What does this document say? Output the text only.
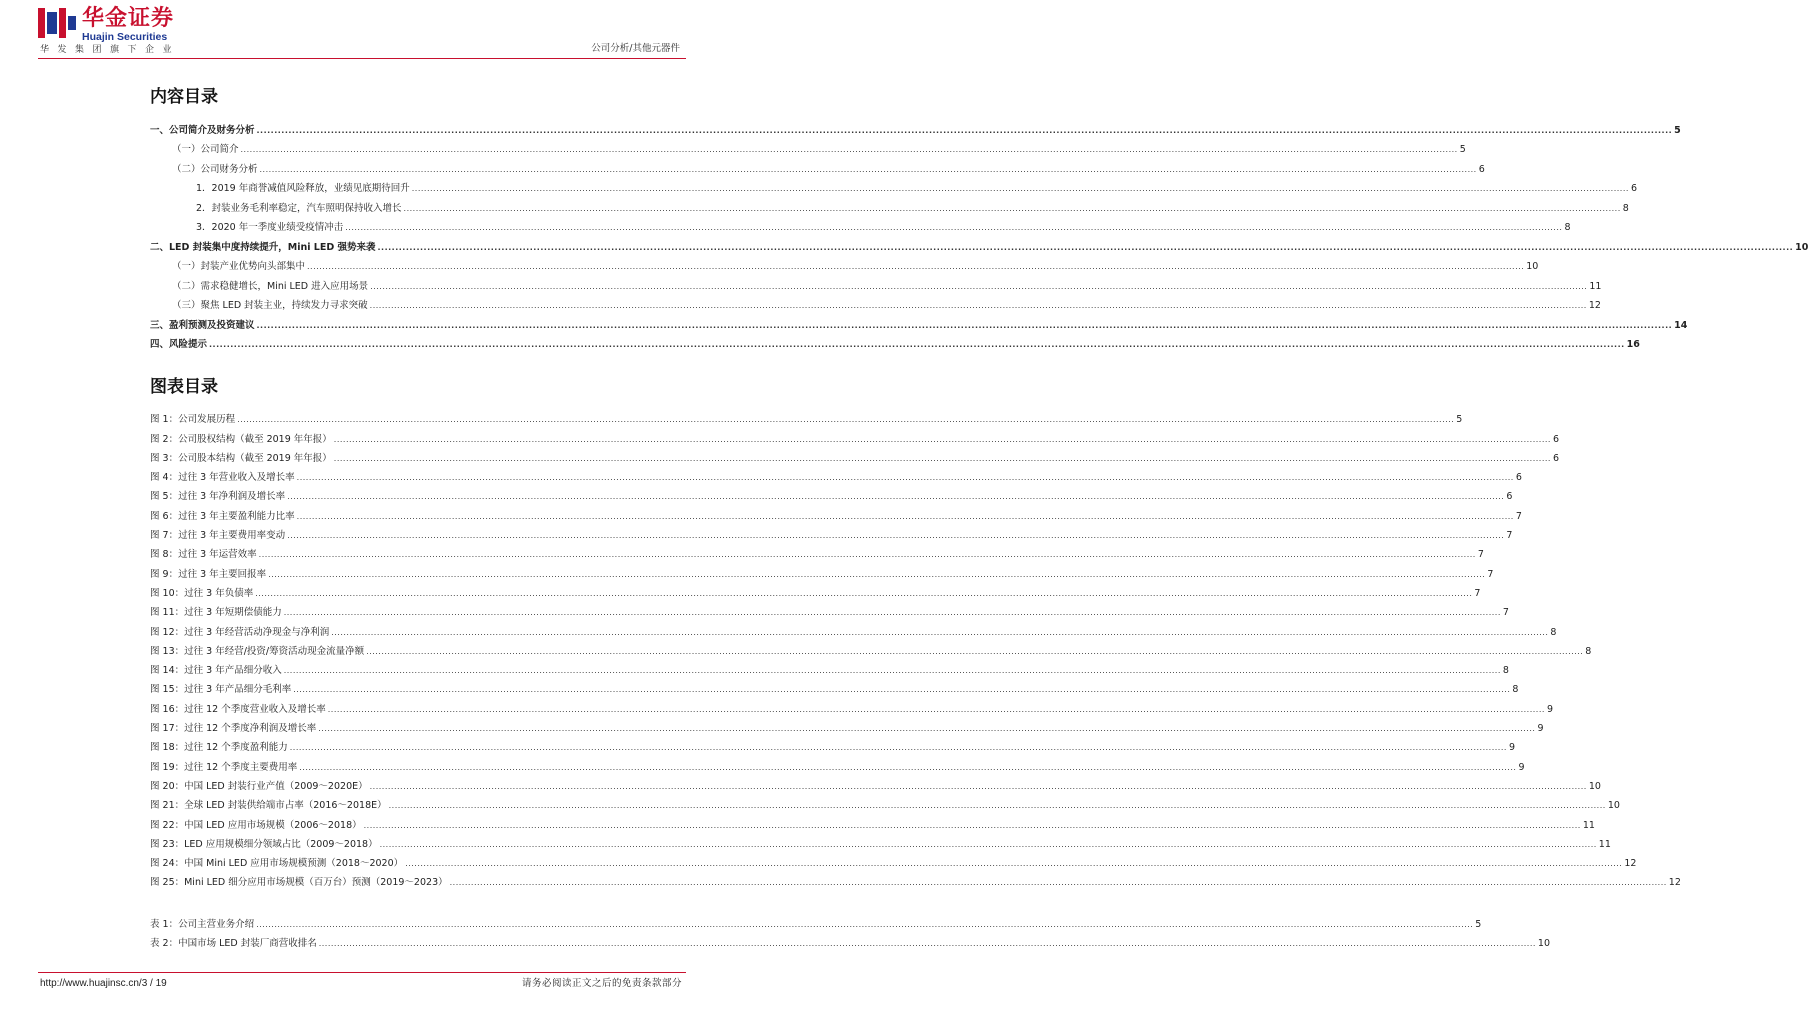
华金证券
Huajin Securities
华发集团旗下企业	公司分析/其他元器件
内容目录
一、公司简介及财务分析 ................................................................................................................................................................................................................................................................................................................................................................................................................ 5
（一）公司简介 ................................................................................................................................................................................................................................................................................................................................................................................................................ 5
（二）公司财务分析 ................................................................................................................................................................................................................................................................................................................................................................................................................ 6
1．2019 年商誉减值风险释放，业绩见底期待回升 ................................................................................................................................................................................................................................................................................................................................................................................................................ 6
2．封装业务毛利率稳定，汽车照明保持收入增长 ................................................................................................................................................................................................................................................................................................................................................................................................................ 8
3．2020 年一季度业绩受疫情冲击 ................................................................................................................................................................................................................................................................................................................................................................................................................ 8
二、LED 封装集中度持续提升，Mini LED 强势来袭 ................................................................................................................................................................................................................................................................................................................................................................................................................ 10
（一）封装产业优势向头部集中 ................................................................................................................................................................................................................................................................................................................................................................................................................ 10
（二）需求稳健增长，Mini LED 进入应用场景 ................................................................................................................................................................................................................................................................................................................................................................................................................ 11
（三）聚焦 LED 封装主业，持续发力寻求突破 ................................................................................................................................................................................................................................................................................................................................................................................................................ 12
三、盈利预测及投资建议 ................................................................................................................................................................................................................................................................................................................................................................................................................ 14
四、风险提示 ................................................................................................................................................................................................................................................................................................................................................................................................................ 16
图表目录
图 1：公司发展历程 ................................................................................................................................................................................................................................................................................................................................................................................................................ 5
图 2：公司股权结构（截至 2019 年年报） ................................................................................................................................................................................................................................................................................................................................................................................................................ 6
图 3：公司股本结构（截至 2019 年年报） ................................................................................................................................................................................................................................................................................................................................................................................................................ 6
图 4：过往 3 年营业收入及增长率 ................................................................................................................................................................................................................................................................................................................................................................................................................ 6
图 5：过往 3 年净利润及增长率 ................................................................................................................................................................................................................................................................................................................................................................................................................ 6
图 6：过往 3 年主要盈利能力比率 ................................................................................................................................................................................................................................................................................................................................................................................................................ 7
图 7：过往 3 年主要费用率变动 ................................................................................................................................................................................................................................................................................................................................................................................................................ 7
图 8：过往 3 年运营效率 ................................................................................................................................................................................................................................................................................................................................................................................................................ 7
图 9：过往 3 年主要回报率 ................................................................................................................................................................................................................................................................................................................................................................................................................ 7
图 10：过往 3 年负债率 ................................................................................................................................................................................................................................................................................................................................................................................................................ 7
图 11：过往 3 年短期偿债能力 ................................................................................................................................................................................................................................................................................................................................................................................................................ 7
图 12：过往 3 年经营活动净现金与净利润 ................................................................................................................................................................................................................................................................................................................................................................................................................ 8
图 13：过往 3 年经营/投资/筹资活动现金流量净额 ................................................................................................................................................................................................................................................................................................................................................................................................................ 8
图 14：过往 3 年产品细分收入 ................................................................................................................................................................................................................................................................................................................................................................................................................ 8
图 15：过往 3 年产品细分毛利率 ................................................................................................................................................................................................................................................................................................................................................................................................................ 8
图 16：过往 12 个季度营业收入及增长率 ................................................................................................................................................................................................................................................................................................................................................................................................................ 9
图 17：过往 12 个季度净利润及增长率 ................................................................................................................................................................................................................................................................................................................................................................................................................ 9
图 18：过往 12 个季度盈利能力 ................................................................................................................................................................................................................................................................................................................................................................................................................ 9
图 19：过往 12 个季度主要费用率 ................................................................................................................................................................................................................................................................................................................................................................................................................ 9
图 20：中国 LED 封装行业产值（2009～2020E） ................................................................................................................................................................................................................................................................................................................................................................................................................ 10
图 21：全球 LED 封装供给端市占率（2016～2018E） ................................................................................................................................................................................................................................................................................................................................................................................................................ 10
图 22：中国 LED 应用市场规模（2006～2018） ................................................................................................................................................................................................................................................................................................................................................................................................................ 11
图 23：LED 应用规模细分领域占比（2009～2018） ................................................................................................................................................................................................................................................................................................................................................................................................................ 11
图 24：中国 Mini LED 应用市场规模预测（2018～2020） ................................................................................................................................................................................................................................................................................................................................................................................................................ 12
图 25：Mini LED 细分应用市场规模（百万台）预测（2019～2023） ................................................................................................................................................................................................................................................................................................................................................................................................................ 12
表 1：公司主营业务介绍 ................................................................................................................................................................................................................................................................................................................................................................................................................ 5
表 2：中国市场 LED 封装厂商营收排名 ................................................................................................................................................................................................................................................................................................................................................................................................................ 10
http://www.huajinsc.cn/3 / 19	请务必阅读正文之后的免责条款部分
